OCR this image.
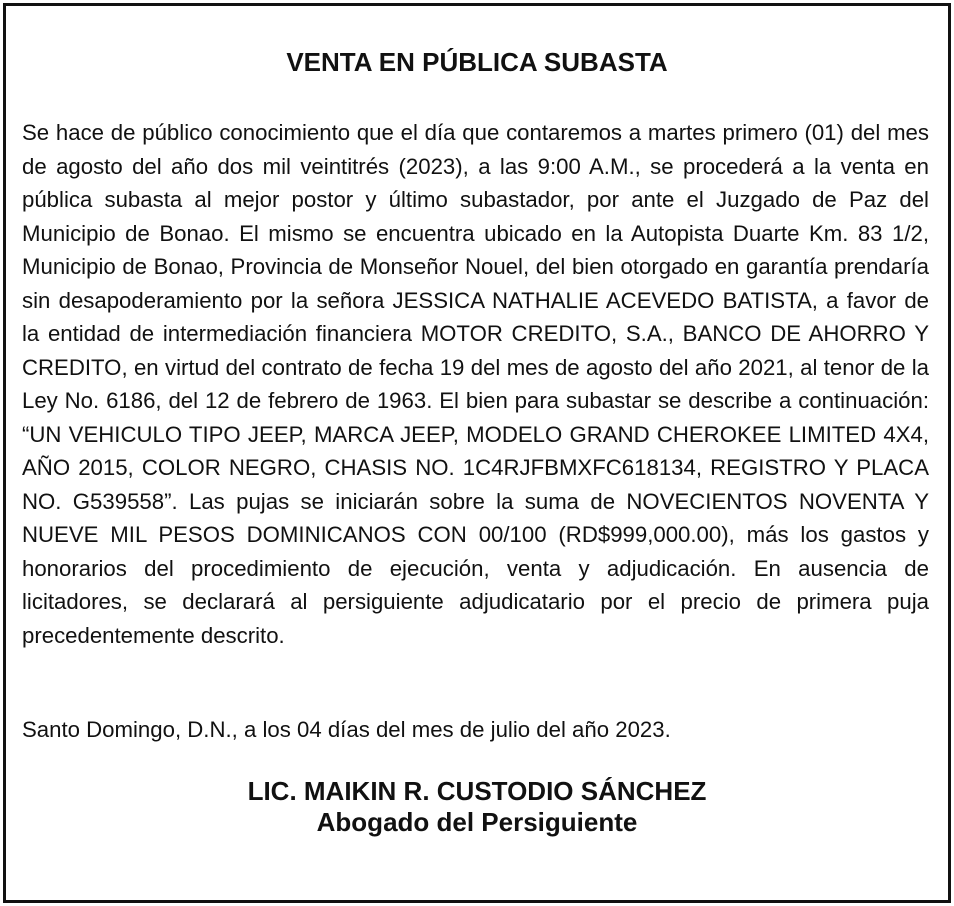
VENTA EN PÚBLICA SUBASTA

Se hace de público conocimiento que el día que contaremos a martes primero (01) del mes de agosto del año dos mil veintitrés (2023), a las 9:00 A.M., se procederá a la venta en pública subasta al mejor postor y último subastador, por ante el Juzgado de Paz del Municipio de Bonao. El mismo se encuentra ubicado en la Autopista Duarte Km. 83 1/2, Municipio de Bonao, Provincia de Monseñor Nouel, del bien otorgado en garantía prendaría sin desapoderamiento por la señora JESSICA NATHALIE ACEVEDO BATISTA, a favor de la entidad de intermediación financiera MOTOR CREDITO, S.A., BANCO DE AHORRO Y CREDITO, en virtud del contrato de fecha 19 del mes de agosto del año 2021, al tenor de la Ley No. 6186, del 12 de febrero de 1963. El bien para subastar se describe a continuación: “UN VEHICULO TIPO JEEP, MARCA JEEP, MODELO GRAND CHEROKEE LIMITED 4X4, AÑO 2015, COLOR NEGRO, CHASIS NO. 1C4RJFBMXFC618134, REGISTRO Y PLACA NO. G539558”. Las pujas se iniciarán sobre la suma de NOVECIENTOS NOVENTA Y NUEVE MIL PESOS DOMINICANOS CON 00/100 (RD$999,000.00), más los gastos y honorarios del procedimiento de ejecución, venta y adjudicación. En ausencia de licitadores, se declarará al persiguiente adjudicatario por el precio de primera puja precedentemente descrito.

Santo Domingo, D.N., a los 04 días del mes de julio del año 2023.

LIC. MAIKIN R. CUSTODIO SÁNCHEZ
Abogado del Persiguiente
